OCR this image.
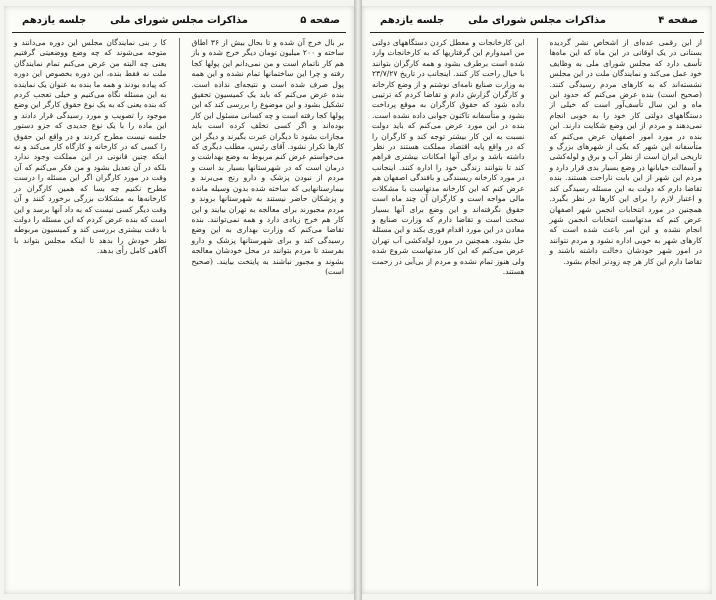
صفحه ۵
مذاکرات مجلس شورای ملی
جلسه یازدهم
بر بال خرج آن شده و تا بحال بیش از ۳۶ اطاق ساخته و ۲۰۰ میلیون تومان دیگر خرج شده و باز هم کار ناتمام است و من نمی‌دانم این پولها کجا رفته و چرا این ساختمانها تمام نشده و این همه پول صرف شده است و نتیجه‌ای نداده است. بنده عرض می‌کنم که باید یک کمیسیون تحقیق تشکیل بشود و این موضوع را بررسی کند که این پولها کجا رفته است و چه کسانی مسئول این کار بوده‌اند و اگر کسی تخلف کرده است باید مجازات بشود تا دیگران عبرت بگیرند و دیگر این کارها تکرار نشود. آقای رئیس، مطلب دیگری که می‌خواستم عرض کنم مربوط به وضع بهداشت و درمان است که در شهرستانها بسیار بد است و مردم از نبودن پزشک و دارو رنج می‌برند و بیمارستانهایی که ساخته شده بدون وسیله مانده و پزشکان حاضر نیستند به شهرستانها بروند و مردم مجبورند برای معالجه به تهران بیایند و این کار هم خرج زیادی دارد و همه نمی‌توانند. بنده تقاضا می‌کنم که وزارت بهداری به این وضع رسیدگی کند و برای شهرستانها پزشک و دارو بفرستد تا مردم بتوانند در محل خودشان معالجه بشوند و مجبور نباشند به پایتخت بیایند. (صحیح است)
کا ر بنی نمایندگان مجلس این دوره می‌دانند و متوجه می‌شوند که چه وضع ووضعیتی گرفتیم یعنی چه البته من عرض می‌کنم تمام نمایندگان ملت نه فقط بنده، این دوره بخصوص این دوره که پیاده بودند و همه ما بنده به عنوان یک نماینده به این مسئله نگاه می‌کنیم و خیلی تعجب کردم که بنده یعنی که به یک نوع حقوق کارگر این وضع موجود را تصویب و مورد رسیدگی قرار دادند و این ماده را با یک نوع جدیدی که جزو دستور جلسه نیست مطرح کردند و در واقع این حقوق را کسی که در کارخانه و کارگاه کار می‌کند و نه اینکه چنین قانونی در این مملکت وجود ندارد بلکه در آن تعدیل بشود و من فکر می‌کنم که آن وقت در مورد کارگران اگر این مسئله را درست مطرح نکنیم چه بسا که همین کارگران در کارخانه‌ها به مشکلات بزرگی برخورد کنند و آن وقت دیگر کسی نیست که به داد آنها برسد و این است که بنده عرض کردم که این مسئله را دولت با دقت بیشتری بررسی کند و کمیسیون مربوطه نظر خودش را بدهد تا اینکه مجلس بتواند با آگاهی کامل رأی بدهد.
صفحه ۴
مذاکرات مجلس شورای ملی
جلسه یازدهم
از این رقمی عده‌ای از اشخاص نشر گردیده بستانی در یک اوقاتی در این ماه که این ماه‌ها تأسف دارد که مجلس شورای ملی به وظایف خود عمل می‌کند و نمایندگان ملت در این مجلس نشسته‌اند که به کارهای مردم رسیدگی کنند. (صحیح است) بنده عرض می‌کنم که حدود این ماه و این سال تأسف‌آور است که خیلی از دستگاههای دولتی کار خود را به خوبی انجام نمی‌دهند و مردم از این وضع شکایت دارند. این بنده در مورد امور اصفهان عرض می‌کنم که متأسفانه این شهر که یکی از شهرهای بزرگ و تاریخی ایران است از نظر آب و برق و لوله‌کشی و آسفالت خیابانها در وضع بسیار بدی قرار دارد و مردم این شهر از این بابت ناراحت هستند. بنده تقاضا دارم که دولت به این مسئله رسیدگی کند و اعتبار لازم را برای این کارها در نظر بگیرد. همچنین در مورد انتخابات انجمن شهر اصفهان عرض کنم که مدتهاست انتخابات انجمن شهر انجام نشده و این امر باعث شده است که کارهای شهر به خوبی اداره نشود و مردم نتوانند در امور شهر خودشان دخالت داشته باشند و تقاضا دارم این کار هر چه زودتر انجام بشود.
این کارخانجات و معطل کردن دستگاههای دولتی من امیدوارم این گرفتاریها که به کارخانجات وارد شده است برطرف بشود و همه کارگران بتوانند با خیال راحت کار کنند. اینجانب در تاریخ ۲۳/۷/۲۷ به وزارت صنایع نامه‌ای نوشتم و از وضع کارخانه و کارگران گزارش دادم و تقاضا کردم که ترتیبی داده شود که حقوق کارگران به موقع پرداخت بشود و متأسفانه تاکنون جوابی داده نشده است. بنده در این مورد عرض می‌کنم که باید دولت نسبت به این کار بیشتر توجه کند و کارگران را که در واقع پایه اقتصاد مملکت هستند در نظر داشته باشد و برای آنها امکانات بیشتری فراهم کند تا بتوانند زندگی خود را اداره کنند. اینجانب در مورد کارخانه ریسندگی و بافندگی اصفهان هم عرض کنم که این کارخانه مدتهاست با مشکلات مالی مواجه است و کارگران آن چند ماه است حقوق نگرفته‌اند و این وضع برای آنها بسیار سخت است و تقاضا دارم که وزارت صنایع و معادن در این مورد اقدام فوری بکند و این مسئله حل بشود. همچنین در مورد لوله‌کشی آب تهران عرض می‌کنم که این کار مدتهاست شروع شده ولی هنوز تمام نشده و مردم از بی‌آبی در زحمت هستند.
